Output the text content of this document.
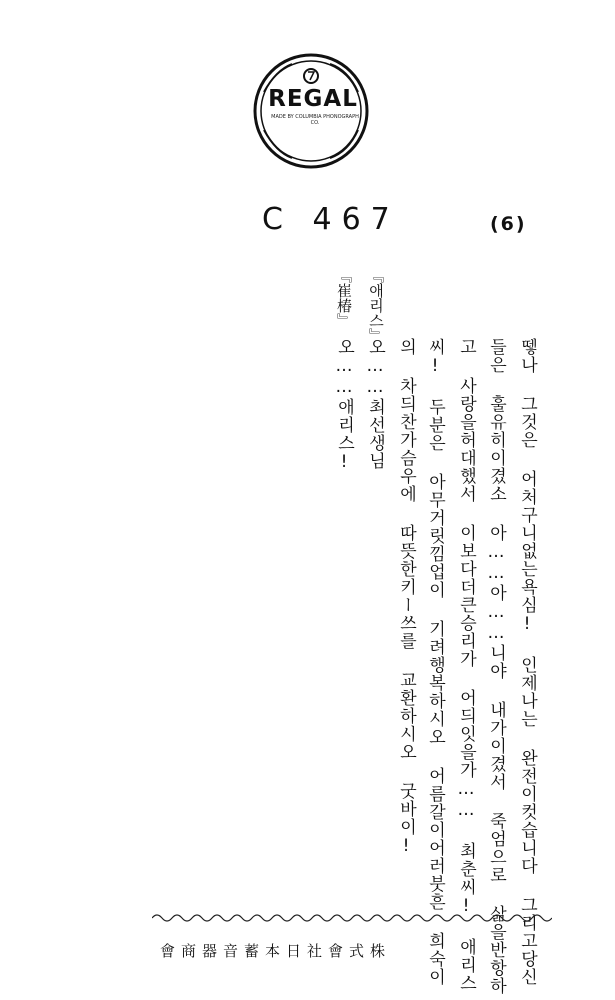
REGAL
MADE BY COLUMBIA PHONOGRAPH CO.
C 467	(6)
뗗나 그것은 어처구니없는욕심! 인제나는 완전이컷습니다 그리고당신
들은 훌유히이겼소 아……아……니야 내가이겼서 죽엄으로 삶을반항하
고 사랑을허대했서 이보다더큰승리가 어듸잇을가…… 최춘씨! 애리스
씨! 두분은 아무거릿낌업이 기려행복하시오 어름갈이어러붓흔 희숙이
의 차듸찬가슴우에 따뜻한키ー쓰를 교환하시오 굿바이!
오……최선생님
오……애리스!
『애리스』
『崔椿』
會商器音蓄本日社會式株
